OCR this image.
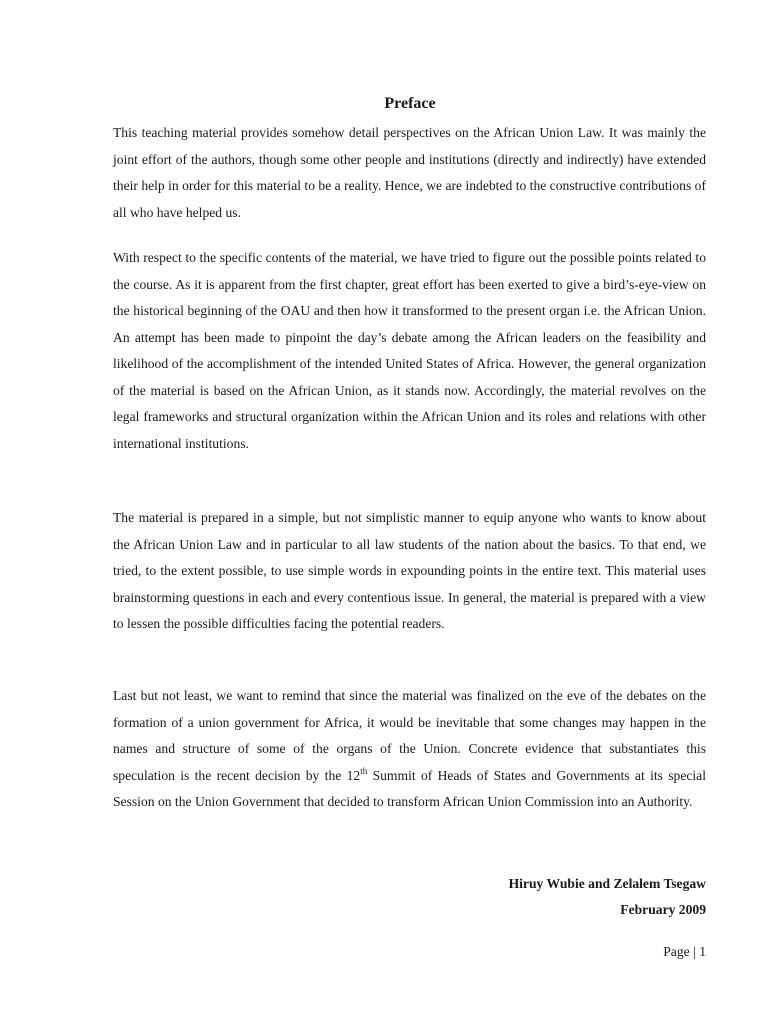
Preface

This teaching material provides somehow detail perspectives on the African Union Law. It was mainly the joint effort of the authors, though some other people and institutions (directly and indirectly) have extended their help in order for this material to be a reality. Hence, we are indebted to the constructive contributions of all who have helped us.

With respect to the specific contents of the material, we have tried to figure out the possible points related to the course. As it is apparent from the first chapter, great effort has been exerted to give a bird’s-eye-view on the historical beginning of the OAU and then how it transformed to the present organ i.e. the African Union. An attempt has been made to pinpoint the day’s debate among the African leaders on the feasibility and likelihood of the accomplishment of the intended United States of Africa. However, the general organization of the material is based on the African Union, as it stands now. Accordingly, the material revolves on the legal frameworks and structural organization within the African Union and its roles and relations with other international institutions.

The material is prepared in a simple, but not simplistic manner to equip anyone who wants to know about the African Union Law and in particular to all law students of the nation about the basics. To that end, we tried, to the extent possible, to use simple words in expounding points in the entire text. This material uses brainstorming questions in each and every contentious issue. In general, the material is prepared with a view to lessen the possible difficulties facing the potential readers.

Last but not least, we want to remind that since the material was finalized on the eve of the debates on the formation of a union government for Africa, it would be inevitable that some changes may happen in the names and structure of some of the organs of the Union. Concrete evidence that substantiates this speculation is the recent decision by the 12th Summit of Heads of States and Governments at its special Session on the Union Government that decided to transform African Union Commission into an Authority.

Hiruy Wubie and Zelalem Tsegaw
February 2009
Page | 1
